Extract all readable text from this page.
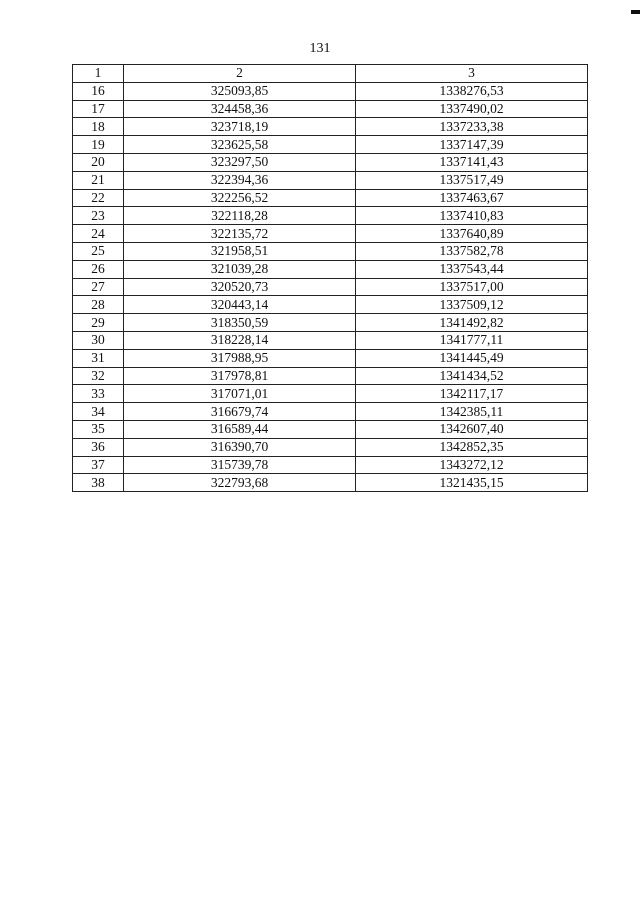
131
1	2	3
16	325093,85	1338276,53
17	324458,36	1337490,02
18	323718,19	1337233,38
19	323625,58	1337147,39
20	323297,50	1337141,43
21	322394,36	1337517,49
22	322256,52	1337463,67
23	322118,28	1337410,83
24	322135,72	1337640,89
25	321958,51	1337582,78
26	321039,28	1337543,44
27	320520,73	1337517,00
28	320443,14	1337509,12
29	318350,59	1341492,82
30	318228,14	1341777,11
31	317988,95	1341445,49
32	317978,81	1341434,52
33	317071,01	1342117,17
34	316679,74	1342385,11
35	316589,44	1342607,40
36	316390,70	1342852,35
37	315739,78	1343272,12
38	322793,68	1321435,15
